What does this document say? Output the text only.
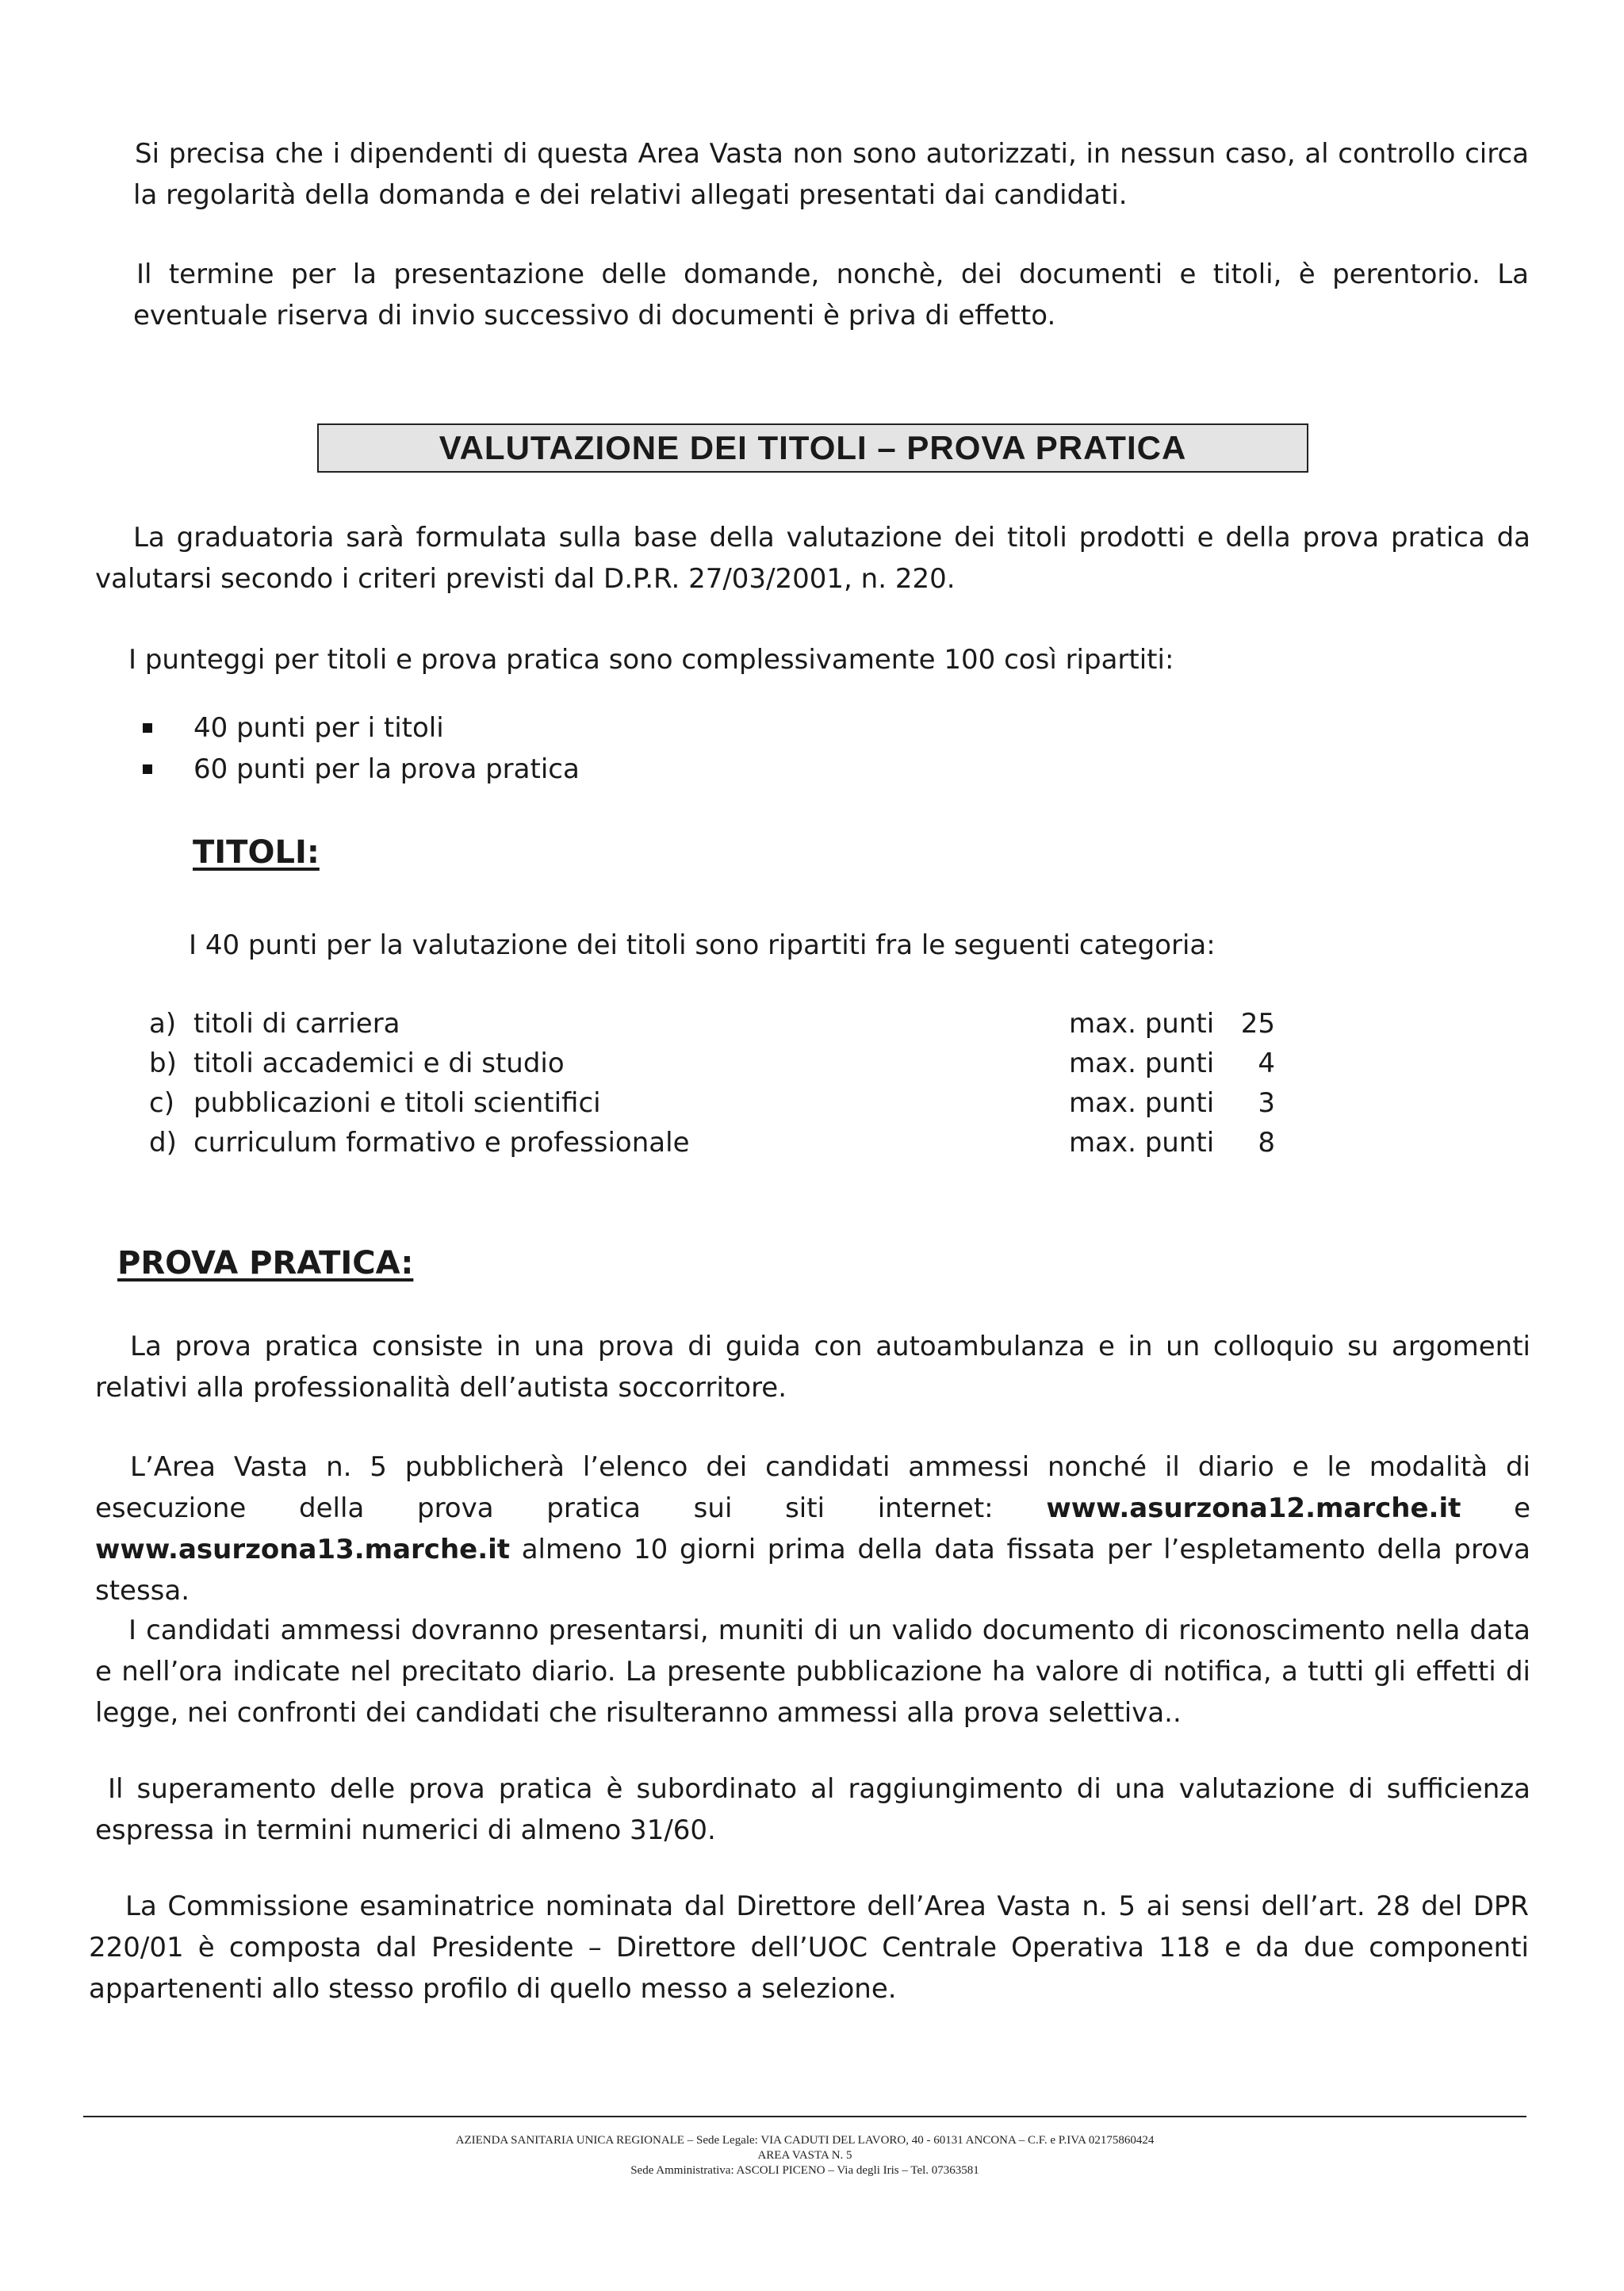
Si precisa che i dipendenti di questa Area Vasta non sono autorizzati, in nessun caso, al controllo circa la regolarità della domanda e dei relativi allegati presentati dai candidati.

Il termine per la presentazione delle domande, nonchè, dei documenti e titoli, è perentorio. La eventuale riserva di invio successivo di documenti è priva di effetto.

VALUTAZIONE DEI TITOLI – PROVA PRATICA

La graduatoria sarà formulata sulla base della valutazione dei titoli prodotti e della prova pratica da valutarsi secondo i criteri previsti dal D.P.R. 27/03/2001, n. 220.

I punteggi per titoli e prova pratica sono complessivamente 100 così ripartiti:

40 punti per i titoli
60 punti per la prova pratica
TITOLI:

I 40 punti per la valutazione dei titoli sono ripartiti fra le seguenti categoria:

a)	titoli di carriera	max. punti	25
b)	titoli accademici e di studio	max. punti	4
c)	pubblicazioni e titoli scientifici	max. punti	3
d)	curriculum formativo e professionale	max. punti	8
PROVA PRATICA:

La prova pratica consiste in una prova di guida con autoambulanza e in un colloquio su argomenti relativi alla professionalità dell’autista soccorritore.

L’Area Vasta n. 5 pubblicherà l’elenco dei candidati ammessi nonché il diario e le modalità di esecuzione della prova pratica sui siti internet: www.asurzona12.marche.it e www.asurzona13.marche.it almeno 10 giorni prima della data fissata per l’espletamento della prova stessa.

I candidati ammessi dovranno presentarsi, muniti di un valido documento di riconoscimento nella data e nell’ora indicate nel precitato diario. La presente pubblicazione ha valore di notifica, a tutti gli effetti di legge, nei confronti dei candidati che risulteranno ammessi alla prova selettiva..

Il superamento delle prova pratica è subordinato al raggiungimento di una valutazione di sufficienza espressa in termini numerici di almeno 31/60.

La Commissione esaminatrice nominata dal Direttore dell’Area Vasta n. 5 ai sensi dell’art. 28 del DPR 220/01 è composta dal Presidente – Direttore dell’UOC Centrale Operativa 118 e da due componenti appartenenti allo stesso profilo di quello messo a selezione.

AZIENDA SANITARIA UNICA REGIONALE – Sede Legale: VIA CADUTI DEL LAVORO, 40 - 60131 ANCONA – C.F. e P.IVA 02175860424
AREA VASTA N. 5
Sede Amministrativa: ASCOLI PICENO – Via degli Iris – Tel. 07363581
